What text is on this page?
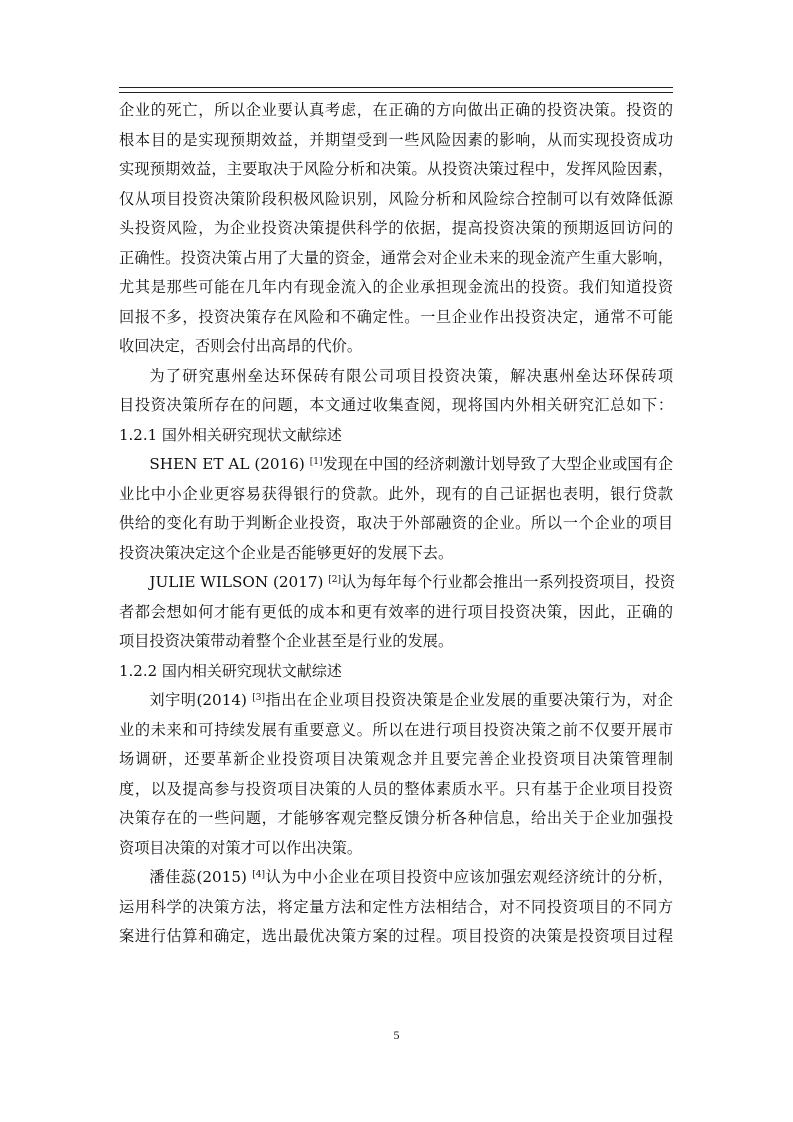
企业的死亡，所以企业要认真考虑，在正确的方向做出正确的投资决策。投资的
根本目的是实现预期效益，并期望受到一些风险因素的影响，从而实现投资成功
实现预期效益，主要取决于风险分析和决策。从投资决策过程中，发挥风险因素，
仅从项目投资决策阶段积极风险识别，风险分析和风险综合控制可以有效降低源
头投资风险，为企业投资决策提供科学的依据，提高投资决策的预期返回访问的
正确性。投资决策占用了大量的资金，通常会对企业未来的现金流产生重大影响，
尤其是那些可能在几年内有现金流入的企业承担现金流出的投资。我们知道投资
回报不多，投资决策存在风险和不确定性。一旦企业作出投资决定，通常不可能
收回决定，否则会付出高昂的代价。
为了研究惠州垒达环保砖有限公司项目投资决策，解决惠州垒达环保砖项
目投资决策所存在的问题，本文通过收集查阅，现将国内外相关研究汇总如下：
1.2.1 国外相关研究现状文献综述
SHEN ET AL (2016) [1]发现在中国的经济刺激计划导致了大型企业或国有企
业比中小企业更容易获得银行的贷款。此外，现有的自己证据也表明，银行贷款
供给的变化有助于判断企业投资，取决于外部融资的企业。所以一个企业的项目
投资决策决定这个企业是否能够更好的发展下去。
JULIE WILSON (2017) [2]认为每年每个行业都会推出一系列投资项目，投资
者都会想如何才能有更低的成本和更有效率的进行项目投资决策，因此，正确的
项目投资决策带动着整个企业甚至是行业的发展。
1.2.2 国内相关研究现状文献综述
刘宇明(2014) [3]指出在企业项目投资决策是企业发展的重要决策行为，对企
业的未来和可持续发展有重要意义。所以在进行项目投资决策之前不仅要开展市
场调研，还要革新企业投资项目决策观念并且要完善企业投资项目决策管理制
度，以及提高参与投资项目决策的人员的整体素质水平。只有基于企业项目投资
决策存在的一些问题，才能够客观完整反馈分析各种信息，给出关于企业加强投
资项目决策的对策才可以作出决策。
潘佳蕊(2015) [4]认为中小企业在项目投资中应该加强宏观经济统计的分析，
运用科学的决策方法，将定量方法和定性方法相结合，对不同投资项目的不同方
案进行估算和确定，选出最优决策方案的过程。项目投资的决策是投资项目过程
5
